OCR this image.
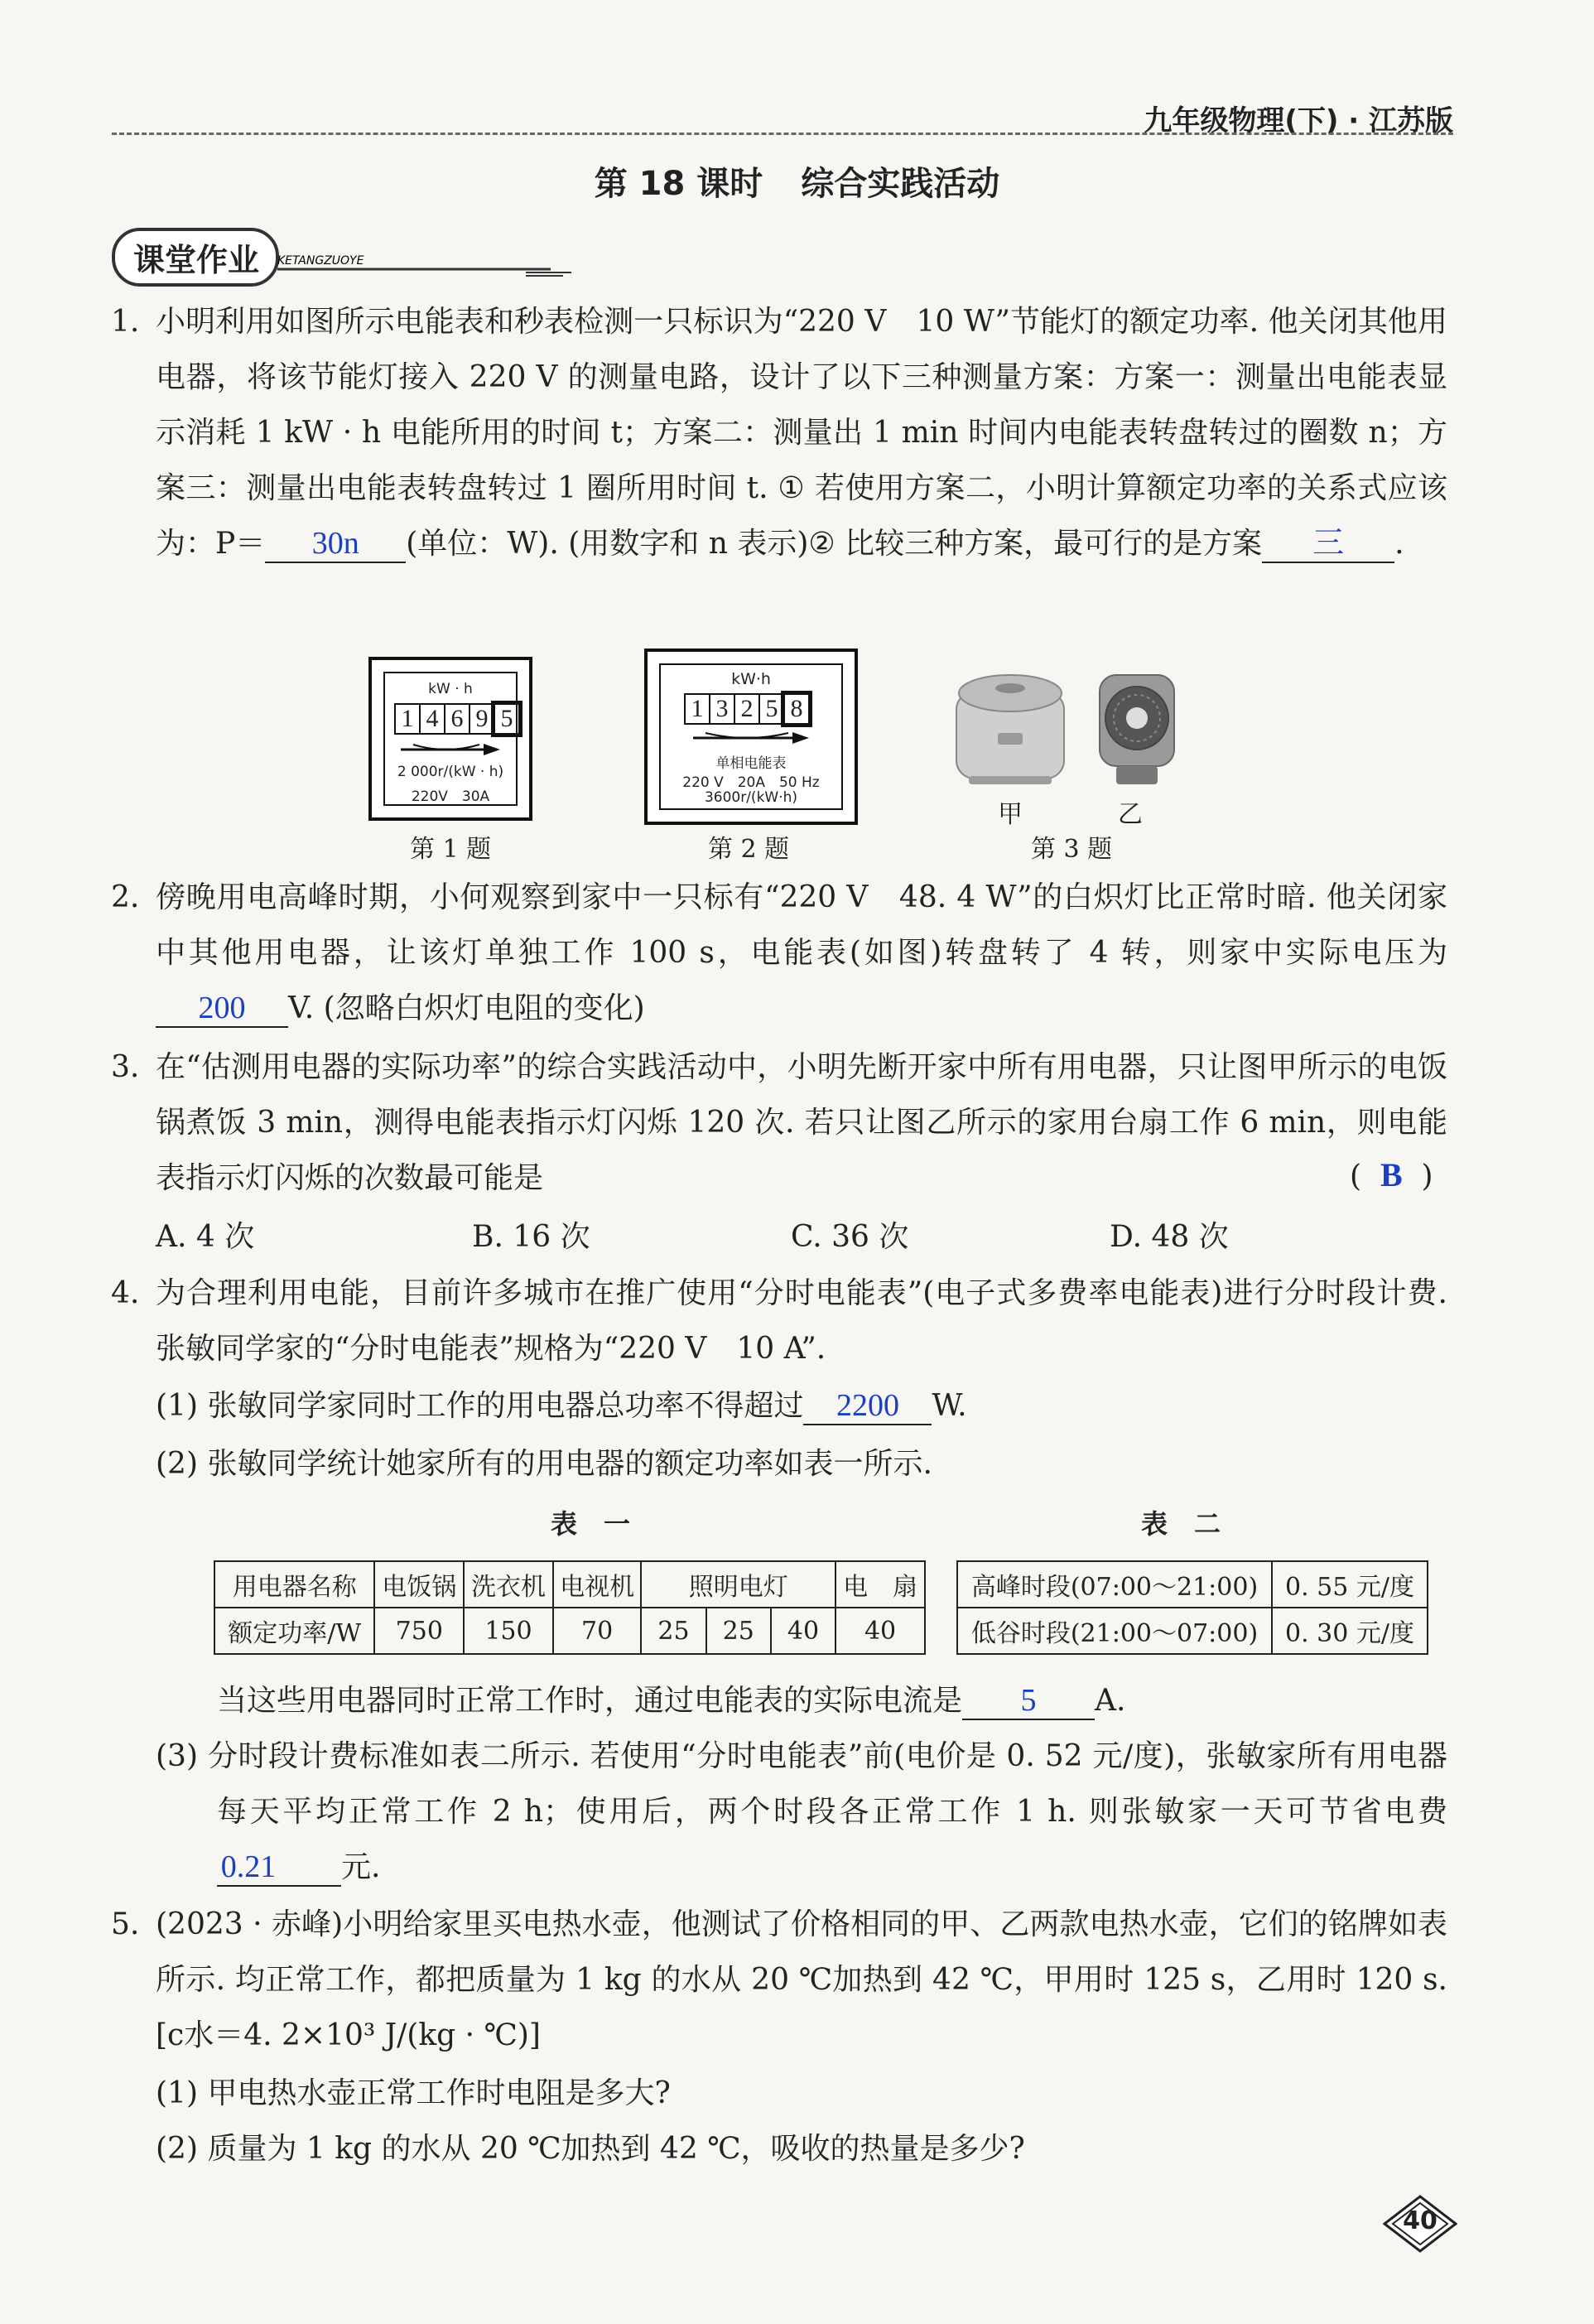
九年级物理(下) · 江苏版
第 18 课时 综合实践活动
课堂作业 KETANGZUOYE
1. 小明利用如图所示电能表和秒表检测一只标识为“220 V　10 W”节能灯的额定功率. 他关闭其他用电器，将该节能灯接入 220 V 的测量电路，设计了以下三种测量方案：方案一：测量出电能表显示消耗 1 kW · h 电能所用的时间 t；方案二：测量出 1 min 时间内电能表转盘转过的圈数 n；方案三：测量出电能表转盘转过 1 圈所用时间 t. ① 若使用方案二，小明计算额定功率的关系式应该为：P＝ 30n (单位：W). (用数字和 n 表示)② 比较三种方案，最可行的是方案 三 .
kW · h
1 4 6 9 5
2 000r/(kW · h)
220V　30A
第 1 题
kW·h
1 3 2 5 8
单相电能表
220 V　20A　50 Hz
3600r/(kW·h)
第 2 题
甲	乙
第 3 题
2. 傍晚用电高峰时期，小何观察到家中一只标有“220 V　48. 4 W”的白炽灯比正常时暗. 他关闭家中其他用电器，让该灯单独工作 100 s，电能表(如图)转盘转了 4 转，则家中实际电压为200 V. (忽略白炽灯电阻的变化)
3. 在“估测用电器的实际功率”的综合实践活动中，小明先断开家中所有用电器，只让图甲所示的电饭锅煮饭 3 min，测得电能表指示灯闪烁 120 次. 若只让图乙所示的家用台扇工作 6 min，则电能表指示灯闪烁的次数最可能是	(  B  )
A. 4 次	B. 16 次	C. 36 次	D. 48 次
4. 为合理利用电能，目前许多城市在推广使用“分时电能表”(电子式多费率电能表)进行分时段计费. 张敏同学家的“分时电能表”规格为“220 V　10 A”.
(1) 张敏同学家同时工作的用电器总功率不得超过 2200 W.
(2) 张敏同学统计她家所有的用电器的额定功率如表一所示.
表　一	表　二
用电器名称	电饭锅	洗衣机	电视机	照明电灯			电　扇
额定功率/W	750	150	70	25	25	40	40
高峰时段(07:00～21:00)	0. 55 元/度
低谷时段(21:00～07:00)	0. 30 元/度
当这些用电器同时正常工作时，通过电能表的实际电流是 5 A.
(3) 分时段计费标准如表二所示. 若使用“分时电能表”前(电价是 0. 52 元/度)，张敏家所有用电器每天平均正常工作 2 h；使用后，两个时段各正常工作 1 h. 则张敏家一天可节省电费0.21 元.
5. (2023 · 赤峰)小明给家里买电热水壶，他测试了价格相同的甲、乙两款电热水壶，它们的铭牌如表所示. 均正常工作，都把质量为 1 kg 的水从 20 ℃加热到 42 ℃，甲用时 125 s，乙用时 120 s. [c水＝4. 2×10³ J/(kg · ℃)]
(1) 甲电热水壶正常工作时电阻是多大?
(2) 质量为 1 kg 的水从 20 ℃加热到 42 ℃，吸收的热量是多少?
40
